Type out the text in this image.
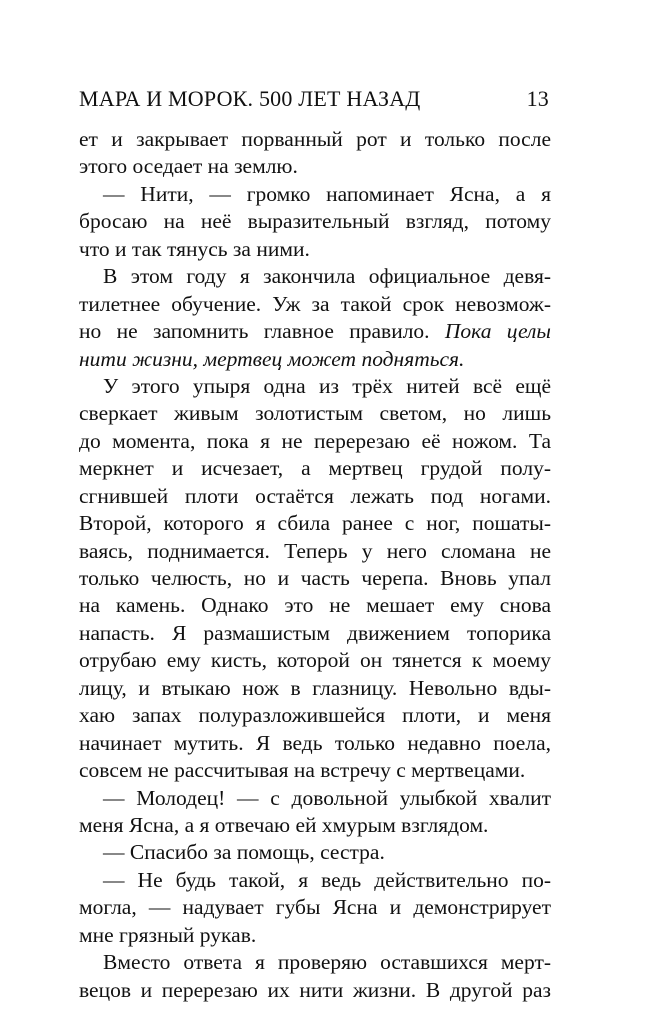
МАРА И МОРОК. 500 ЛЕТ НАЗАД	13
ет и закрывает порванный рот и только после
этого оседает на землю.
— Нити, — громко напоминает Ясна, а я
бросаю на неё выразительный взгляд, потому
что и так тянусь за ними.
В этом году я закончила официальное девя-
тилетнее обучение. Уж за такой срок невозмож-
но не запомнить главное правило. Пока целы
нити жизни, мертвец может подняться.
У этого упыря одна из трёх нитей всё ещё
сверкает живым золотистым светом, но лишь
до момента, пока я не перерезаю её ножом. Та
меркнет и исчезает, а мертвец грудой полу-
сгнившей плоти остаётся лежать под ногами.
Второй, которого я сбила ранее с ног, пошаты-
ваясь, поднимается. Теперь у него сломана не
только челюсть, но и часть черепа. Вновь упал
на камень. Однако это не мешает ему снова
напасть. Я размашистым движением топорика
отрубаю ему кисть, которой он тянется к моему
лицу, и втыкаю нож в глазницу. Невольно вды-
хаю запах полуразложившейся плоти, и меня
начинает мутить. Я ведь только недавно поела,
совсем не рассчитывая на встречу с мертвецами.
— Молодец! — с довольной улыбкой хвалит
меня Ясна, а я отвечаю ей хмурым взглядом.
— Спасибо за помощь, сестра.
— Не будь такой, я ведь действительно по-
могла, — надувает губы Ясна и демонстрирует
мне грязный рукав.
Вместо ответа я проверяю оставшихся мерт-
вецов и перерезаю их нити жизни. В другой раз
